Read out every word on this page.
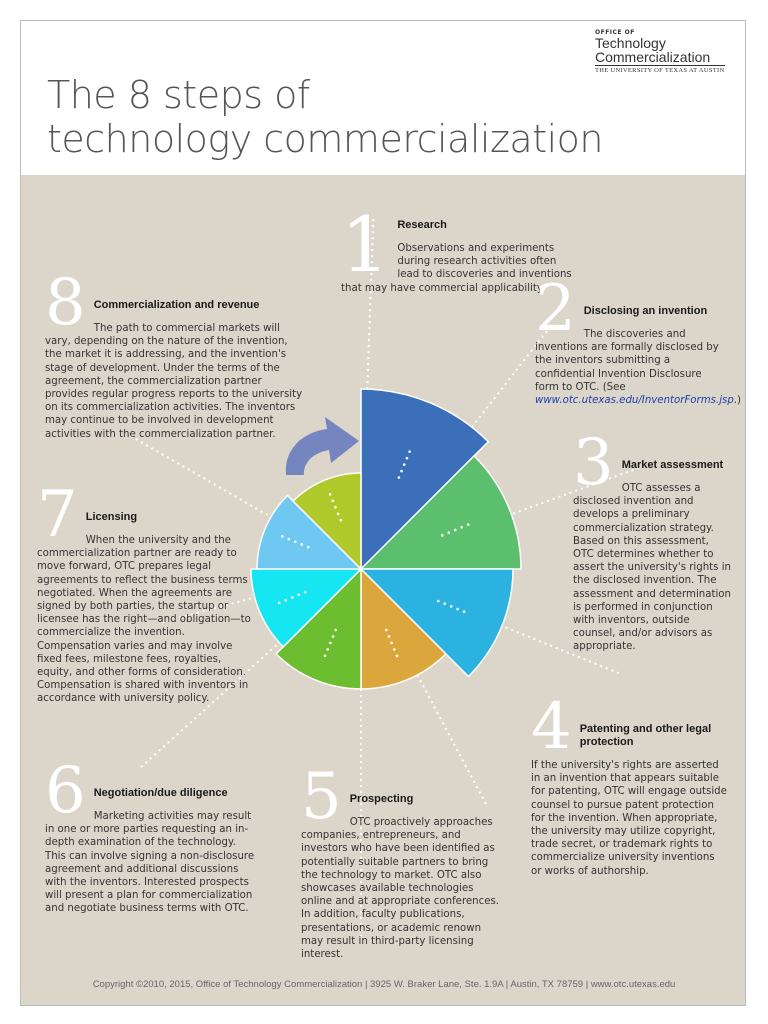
The 8 steps of
technology commercialization
OFFICE OF
Technology
Commercialization
THE UNIVERSITY OF TEXAS AT AUSTIN
1 Research

Observations and experiments during research activities often lead to discoveries and inventions that may have commercial applicability.

2 Disclosing an invention

The discoveries and inventions are formally disclosed by the inventors submitting a confidential Invention Disclosure form to OTC. (See www.otc.utexas.edu/InventorForms.jsp.)

3 Market assessment

OTC assesses a disclosed invention and develops a preliminary commercialization strategy. Based on this assessment, OTC determines whether to assert the university's rights in the disclosed invention. The assessment and determination is performed in conjunction with inventors, outside counsel, and/or advisors as appropriate.

4 Patenting and other legal protection

If the university's rights are asserted in an invention that appears suitable for patenting, OTC will engage outside counsel to pursue patent protection for the invention. When appropriate, the university may utilize copyright, trade secret, or trademark rights to commercialize university inventions or works of authorship.

5 Prospecting

OTC proactively approaches companies, entrepreneurs, and investors who have been identified as potentially suitable partners to bring the technology to market. OTC also showcases available technologies online and at appropriate conferences. In addition, faculty publications, presentations, or academic renown may result in third-party licensing interest.

6 Negotiation/due diligence

Marketing activities may result in one or more parties requesting an in-depth examination of the technology. This can involve signing a non-disclosure agreement and additional discussions with the inventors. Interested prospects will present a plan for commercialization and negotiate business terms with OTC.

7 Licensing

When the university and the commercialization partner are ready to move forward, OTC prepares legal agreements to reflect the business terms negotiated. When the agreements are signed by both parties, the startup or licensee has the right—and obligation—to commercialize the invention. Compensation varies and may involve fixed fees, milestone fees, royalties, equity, and other forms of consideration. Compensation is shared with inventors in accordance with university policy.

8 Commercialization and revenue

The path to commercial markets will vary, depending on the nature of the invention, the market it is addressing, and the invention's stage of development. Under the terms of the agreement, the commercialization partner provides regular progress reports to the university on its commercialization activities. The inventors may continue to be involved in development activities with the commercialization partner.

Copyright ©2010, 2015, Office of Technology Commercialization | 3925 W. Braker Lane, Ste. 1.9A | Austin, TX 78759 | www.otc.utexas.edu
